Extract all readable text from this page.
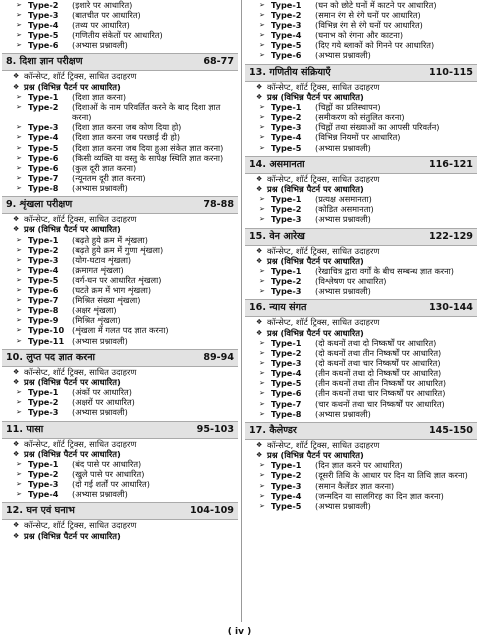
➢ Type-2	(इशारे पर आधारित)
➢ Type-3	(बातचीत पर आधारित)
➢ Type-4	(तथ्य पर आधारित)
➢ Type-5	(गणितीय संकेतों पर आधारित)
➢ Type-6	(अभ्यास प्रश्नावली)
8. दिशा ज्ञान परीक्षण	68-77
❖ कॉन्सेप्ट, शॉर्ट ट्रिक्स, साधित उदाहरण
❖ प्रश्न (विभिन्न पैटर्न पर आधारित)
➢ Type-1	(दिशा ज्ञात करना)
➢ Type-2	(दिशाओं के नाम परिवर्तित करने के बाद दिशा ज्ञात करना)
➢ Type-3	(दिशा ज्ञात करना जब कोण दिया हो)
➢ Type-4	(दिशा ज्ञात करना जब परछाई दी हो)
➢ Type-5	(दिशा ज्ञात करना जब दिया हुआ संकेत ज्ञात करना)
➢ Type-6	(किसी व्यक्ति या वस्तु के सापेक्ष स्थिति ज्ञात करना)
➢ Type-6	(कुल दूरी ज्ञात करना)
➢ Type-7	(न्यूनतम दूरी ज्ञात करना)
➢ Type-8	(अभ्यास प्रश्नावली)
9. शृंखला परीक्षण	78-88
❖ कॉन्सेप्ट, शॉर्ट ट्रिक्स, साधित उदाहरण
❖ प्रश्न (विभिन्न पैटर्न पर आधारित)
➢ Type-1	(बढ़ते हुये क्रम में शृंखला)
➢ Type-2	(बढ़ते हुये क्रम में गुणा शृंखला)
➢ Type-3	(योग-घटाव शृंखला)
➢ Type-4	(क्रमागत शृंखला)
➢ Type-5	(वर्ग-घन पर आधारित शृंखला)
➢ Type-6	(घटते क्रम में भाग शृंखला)
➢ Type-7	(मिश्रित संख्या शृंखला)
➢ Type-8	(अक्षर शृंखला)
➢ Type-9	(मिश्रित शृंखला)
➢ Type-10 (शृंखला में गलत पद ज्ञात करना)
➢ Type-11 (अभ्यास प्रश्नावली)
10. लुप्त पद ज्ञात करना	89-94
❖ कॉन्सेप्ट, शॉर्ट ट्रिक्स, साधित उदाहरण
❖ प्रश्न (विभिन्न पैटर्न पर आधारित)
➢ Type-1	(अंकों पर आधारित)
➢ Type-2	(अक्षरों पर आधारित)
➢ Type-3	(अभ्यास प्रश्नावली)
11. पासा	95-103
❖ कॉन्सेप्ट, शॉर्ट ट्रिक्स, साधित उदाहरण
❖ प्रश्न (विभिन्न पैटर्न पर आधारित)
➢ Type-1	(बंद पासे पर आधारित)
➢ Type-2	(खुले पासे पर आधारित)
➢ Type-3	(दो गई शर्तों पर आधारित)
➢ Type-4	(अभ्यास प्रश्नावली)
12. घन एवं घनाभ	104-109
❖ कॉन्सेप्ट, शॉर्ट ट्रिक्स, साधित उदाहरण
❖ प्रश्न (विभिन्न पैटर्न पर आधारित)
➢ Type-1	(घन को छोटे घनों में काटने पर आधारित)
➢ Type-2	(समान रंग से रंगे घनों पर आधारित)
➢ Type-3	(विभिन्न रंग से रंगे घनों पर आधारित)
➢ Type-4	(घनाभ को रंगना और काटना)
➢ Type-5	(दिए गये ब्लाकों को गिनने पर आधारित)
➢ Type-6	(अभ्यास प्रश्नावली)
13. गणितीय संक्रियाएँ	110-115
❖ कॉन्सेप्ट, शॉर्ट ट्रिक्स, साधित उदाहरण
❖ प्रश्न (विभिन्न पैटर्न पर आधारित)
➢ Type-1	(चिह्नों का प्रतिस्थापन)
➢ Type-2	(समीकरण को संतुलित करना)
➢ Type-3	(चिह्नों तथा संख्याओं का आपसी परिवर्तन)
➢ Type-4	(विभिन्न नियमों पर आधारित)
➢ Type-5	(अभ्यास प्रश्नावली)
14. असमानता	116-121
❖ कॉन्सेप्ट, शॉर्ट ट्रिक्स, साधित उदाहरण
❖ प्रश्न (विभिन्न पैटर्न पर आधारित)
➢ Type-1	(प्रत्यक्ष असमानता)
➢ Type-2	(कोडित असमानता)
➢ Type-3	(अभ्यास प्रश्नावली)
15. वेन आरेख	122-129
❖ कॉन्सेप्ट, शॉर्ट ट्रिक्स, साधित उदाहरण
❖ प्रश्न (विभिन्न पैटर्न पर आधारित)
➢ Type-1	(रेखाचित्र द्वारा वर्गों के बीच सम्बन्ध ज्ञात करना)
➢ Type-2	(विश्लेषण पर आधारित)
➢ Type-3	(अभ्यास प्रश्नावली)
16. न्याय संगत	130-144
❖ कॉन्सेप्ट, शॉर्ट ट्रिक्स, साधित उदाहरण
❖ प्रश्न (विभिन्न पैटर्न पर आधारित)
➢ Type-1	(दो कथनों तथा दो निष्कर्षों पर आधारित)
➢ Type-2	(दो कथनों तथा तीन निष्कर्षों पर आधारित)
➢ Type-3	(दो कथनों तथा चार निष्कर्षों पर आधारित)
➢ Type-4	(तीन कथनों तथा दो निष्कर्षों पर आधारित)
➢ Type-5	(तीन कथनों तथा तीन निष्कर्षों पर आधारित)
➢ Type-6	(तीन कथनों तथा चार निष्कर्षों पर आधारित)
➢ Type-7	(चार कथनों तथा चार निष्कर्षों पर आधारित)
➢ Type-8	(अभ्यास प्रश्नावली)
17. कैलेण्डर	145-150
❖ कॉन्सेप्ट, शॉर्ट ट्रिक्स, साधित उदाहरण
❖ प्रश्न (विभिन्न पैटर्न पर आधारित)
➢ Type-1	(दिन ज्ञात करने पर आधारित)
➢ Type-2	(दूसरी तिथि के आधार पर दिन या तिथि ज्ञात करना)
➢ Type-3	(समान कैलेंडर ज्ञात करना)
➢ Type-4	(जन्मदिन या सालगिरह का दिन ज्ञात करना)
➢ Type-5	(अभ्यास प्रश्नावली)
( iv )
